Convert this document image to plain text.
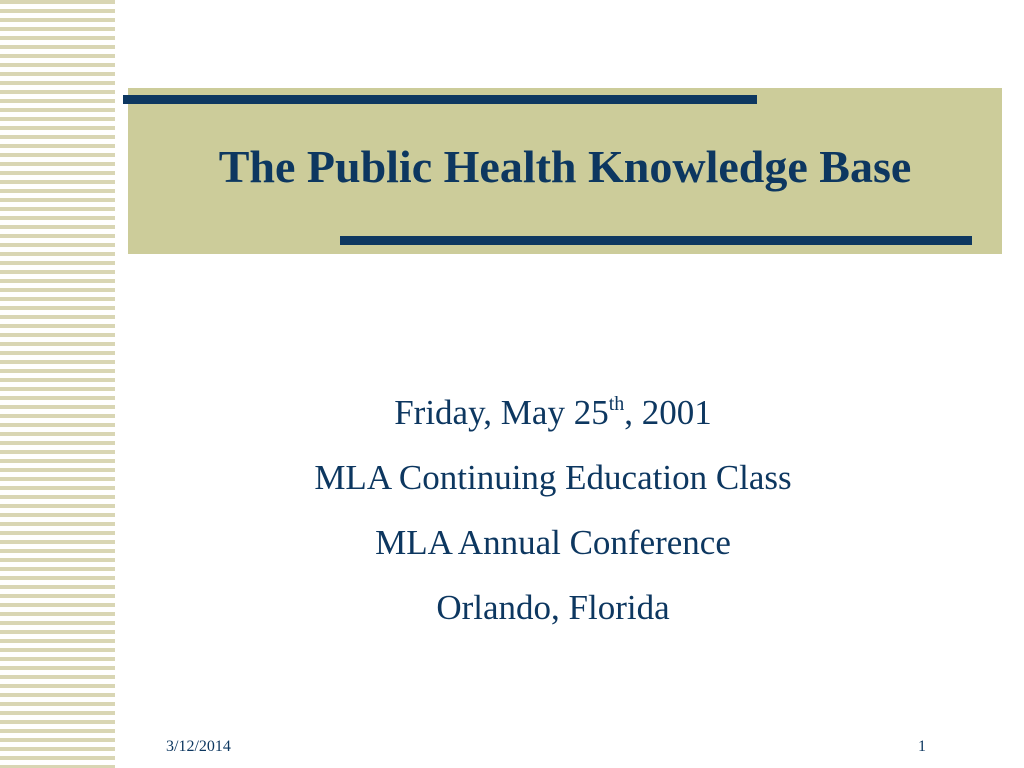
The Public Health Knowledge Base

Friday, May 25th, 2001

MLA Continuing Education Class

MLA Annual Conference

Orlando, Florida

3/12/2014	1
